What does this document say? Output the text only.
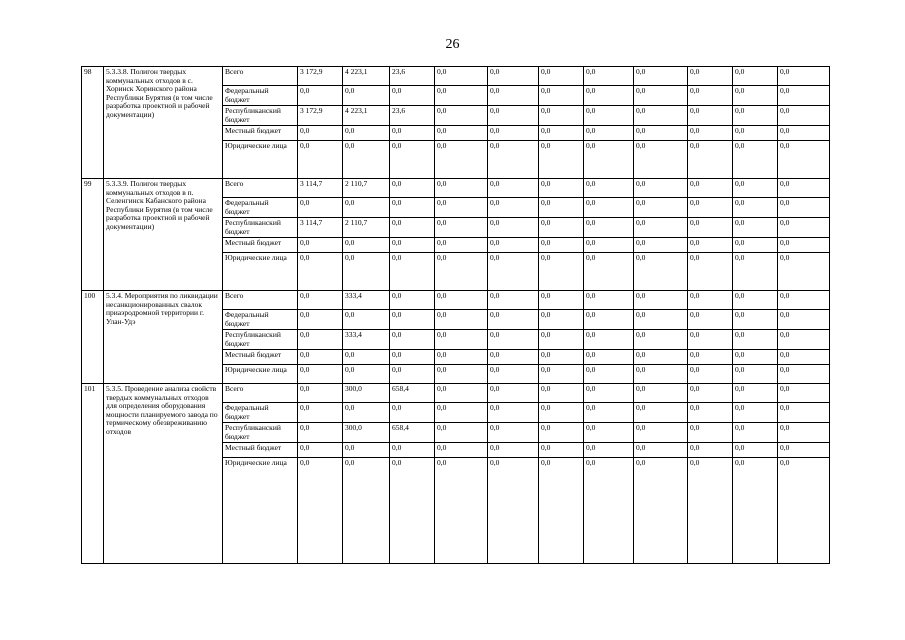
26
98	5.3.3.8. Полигон твердых коммунальных отходов в с. Хоринск Хоринского района Республики Бурятия (в том числе разработка проектной и рабочей документации)	Всего	3 172,9	4 223,1	23,6	0,0	0,0	0,0	0,0	0,0	0,0	0,0	0,0
		Федеральный бюджет	0,0	0,0	0,0	0,0	0,0	0,0	0,0	0,0	0,0	0,0	0,0
		Республиканский бюджет	3 172,9	4 223,1	23,6	0,0	0,0	0,0	0,0	0,0	0,0	0,0	0,0
		Местный бюджет	0,0	0,0	0,0	0,0	0,0	0,0	0,0	0,0	0,0	0,0	0,0
		Юридические лица	0,0	0,0	0,0	0,0	0,0	0,0	0,0	0,0	0,0	0,0	0,0
99	5.3.3.9. Полигон твердых коммунальных отходов в п. Селенгинск Кабанского района Республики Бурятия (в том числе разработка проектной и рабочей документации)	Всего	3 114,7	2 110,7	0,0	0,0	0,0	0,0	0,0	0,0	0,0	0,0	0,0
		Федеральный бюджет	0,0	0,0	0,0	0,0	0,0	0,0	0,0	0,0	0,0	0,0	0,0
		Республиканский бюджет	3 114,7	2 110,7	0,0	0,0	0,0	0,0	0,0	0,0	0,0	0,0	0,0
		Местный бюджет	0,0	0,0	0,0	0,0	0,0	0,0	0,0	0,0	0,0	0,0	0,0
		Юридические лица	0,0	0,0	0,0	0,0	0,0	0,0	0,0	0,0	0,0	0,0	0,0
100	5.3.4. Мероприятия по ликвидации несанкционированных свалок приаэродромной территории г. Улан-Удэ	Всего	0,0	333,4	0,0	0,0	0,0	0,0	0,0	0,0	0,0	0,0	0,0
		Федеральный бюджет	0,0	0,0	0,0	0,0	0,0	0,0	0,0	0,0	0,0	0,0	0,0
		Республиканский бюджет	0,0	333,4	0,0	0,0	0,0	0,0	0,0	0,0	0,0	0,0	0,0
		Местный бюджет	0,0	0,0	0,0	0,0	0,0	0,0	0,0	0,0	0,0	0,0	0,0
		Юридические лица	0,0	0,0	0,0	0,0	0,0	0,0	0,0	0,0	0,0	0,0	0,0
101	5.3.5. Проведение анализа свойств твердых коммунальных отходов для определения оборудования мощности планируемого завода по термическому обезвреживанию отходов	Всего	0,0	300,0	658,4	0,0	0,0	0,0	0,0	0,0	0,0	0,0	0,0
		Федеральный бюджет	0,0	0,0	0,0	0,0	0,0	0,0	0,0	0,0	0,0	0,0	0,0
		Республиканский бюджет	0,0	300,0	658,4	0,0	0,0	0,0	0,0	0,0	0,0	0,0	0,0
		Местный бюджет	0,0	0,0	0,0	0,0	0,0	0,0	0,0	0,0	0,0	0,0	0,0
		Юридические лица	0,0	0,0	0,0	0,0	0,0	0,0	0,0	0,0	0,0	0,0	0,0
